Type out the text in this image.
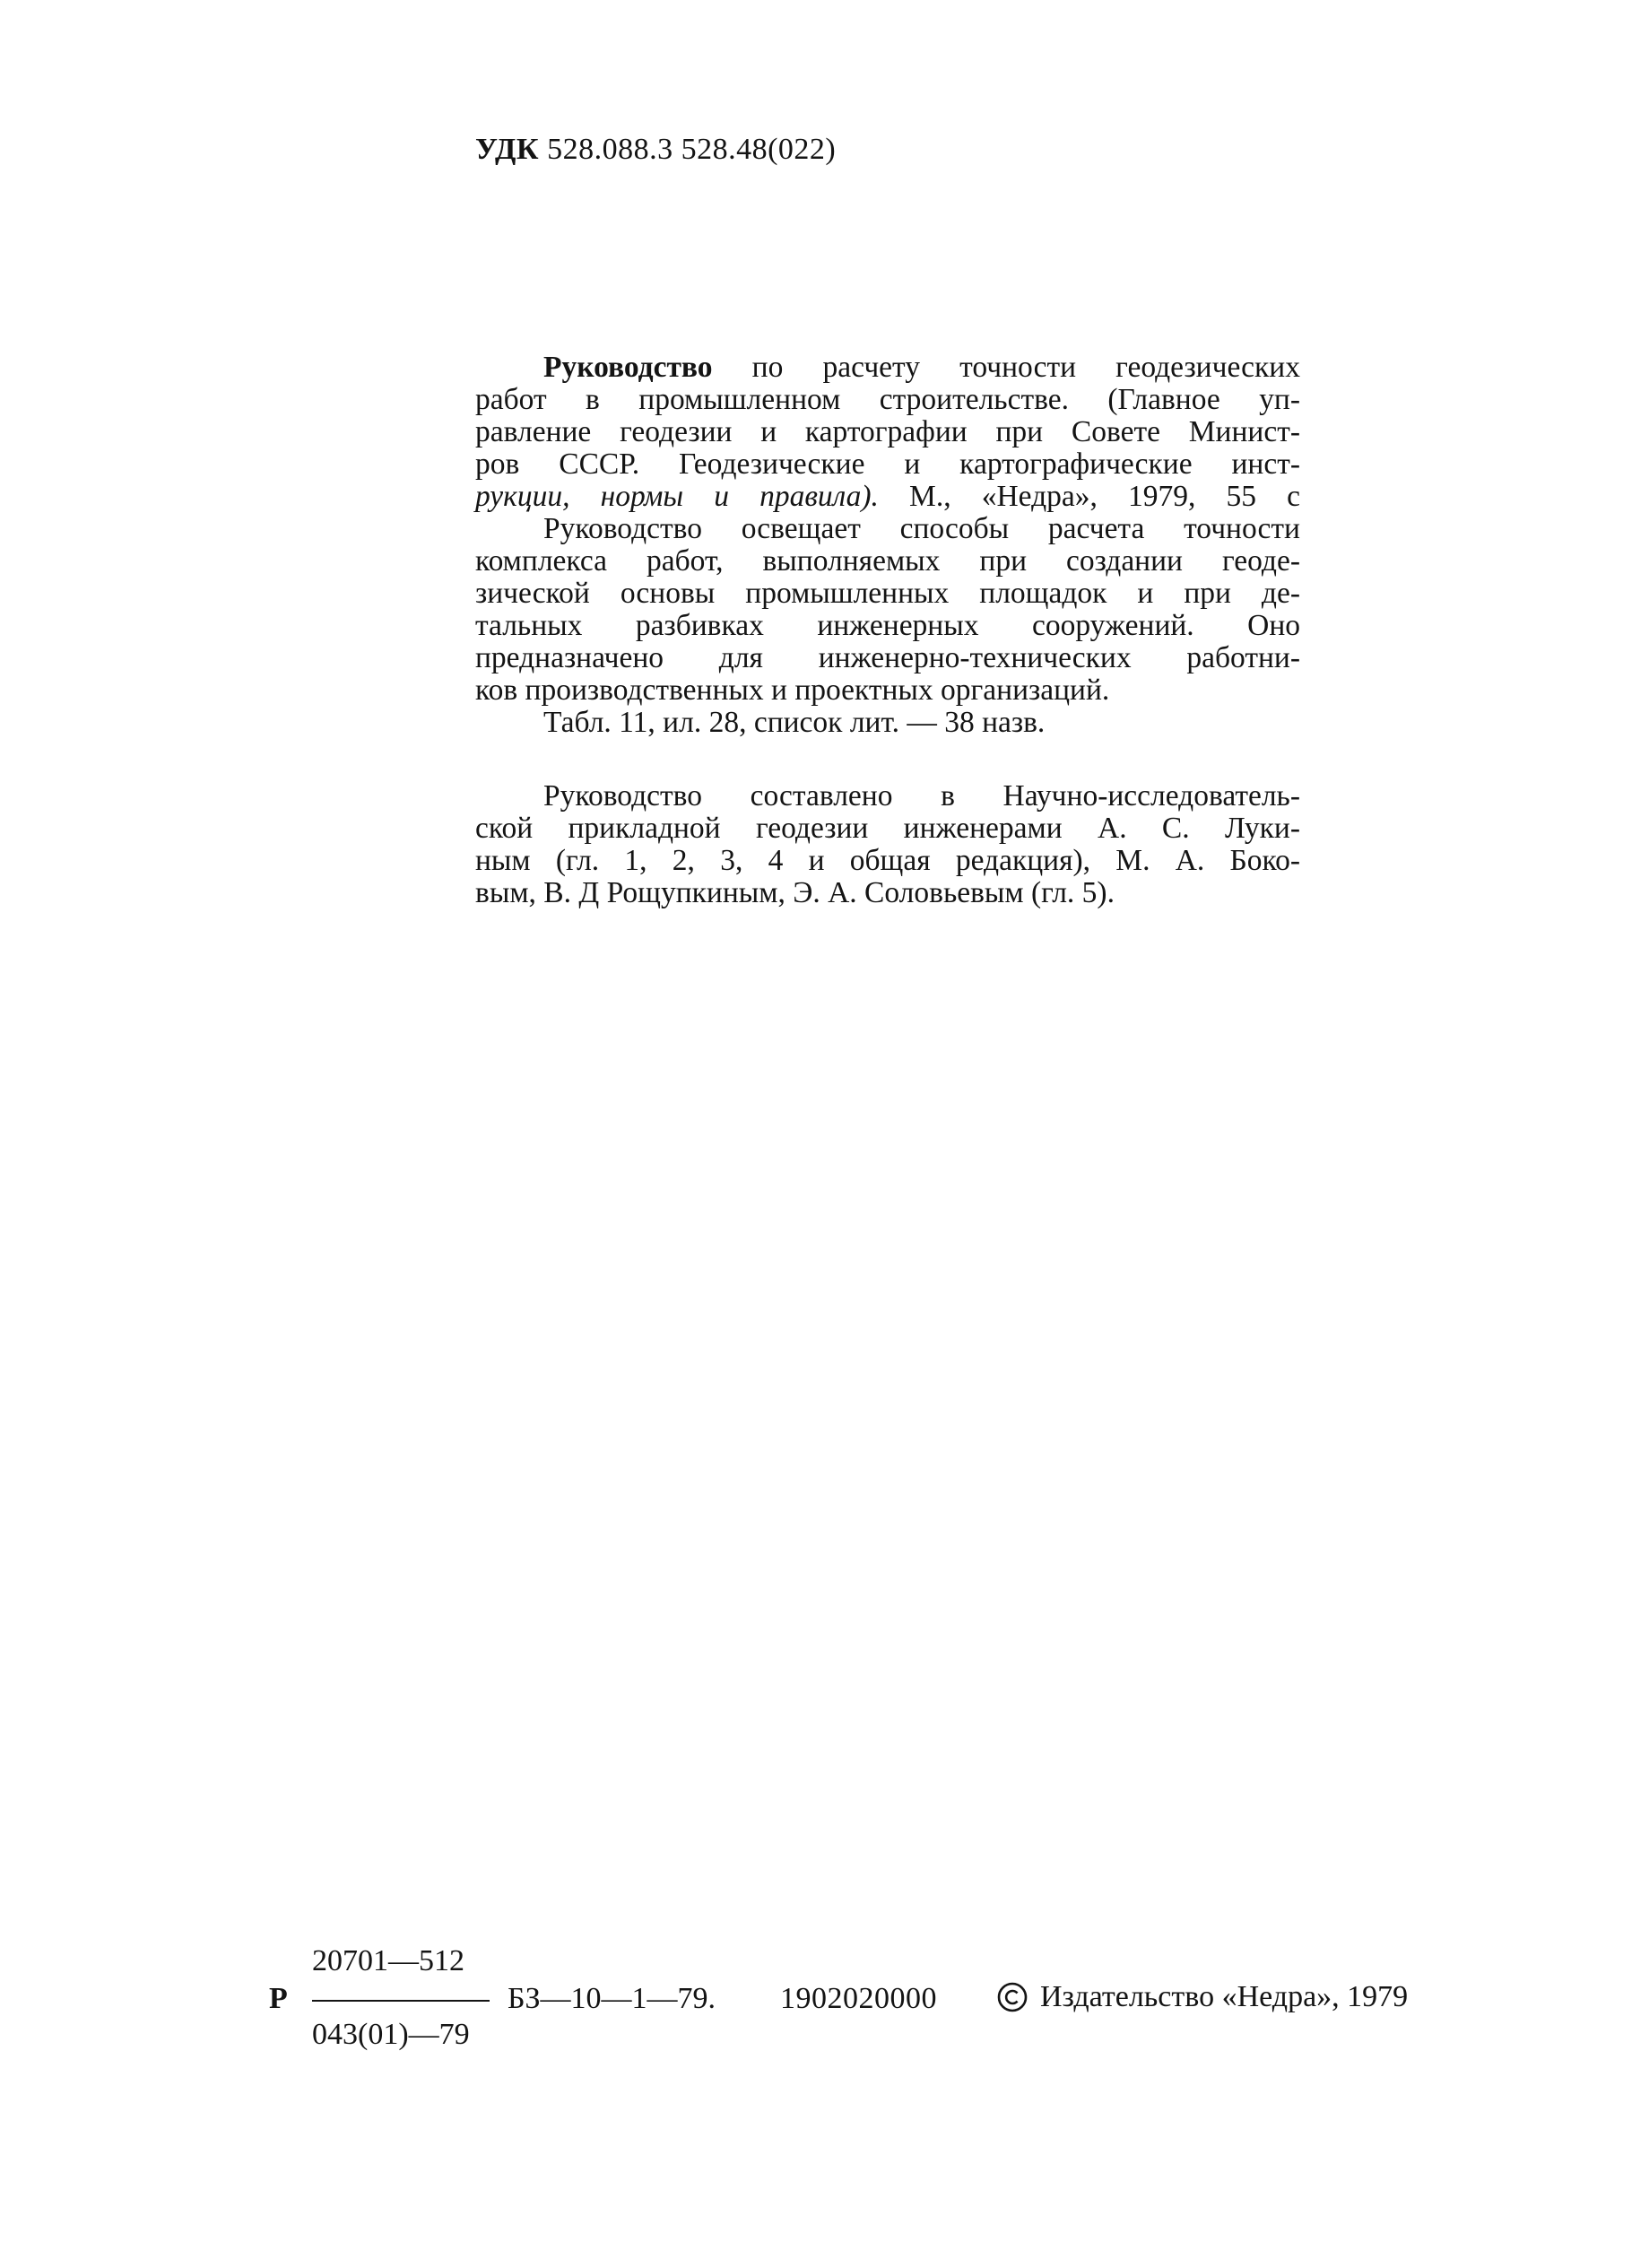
УДК 528.088.3 528.48(022)
Руководство по расчету точности геодезических
работ в промышленном строительстве. (Главное уп-
равление геодезии и картографии при Совете Минист-
ров СССР. Геодезические и картографические инст-
рукции, нормы и правила). М., «Недра», 1979, 55 с
Руководство освещает способы расчета точности
комплекса работ, выполняемых при создании геоде-
зической основы промышленных площадок и при де-
тальных разбивках инженерных сооружений. Оно
предназначено для инженерно-технических работни-
ков производственных и проектных организаций.
Табл. 11, ил. 28, список лит. — 38 назв.
Руководство составлено в Научно-исследователь-
ской прикладной геодезии инженерами А. С. Луки-
ным (гл. 1, 2, 3, 4 и общая редакция), М. А. Боко-
вым, В. Д Рощупкиным, Э. А. Соловьевым (гл. 5).
Р
20701—512
043(01)—79
БЗ—10—1—79. 1902020000	Издательство «Недра», 1979
